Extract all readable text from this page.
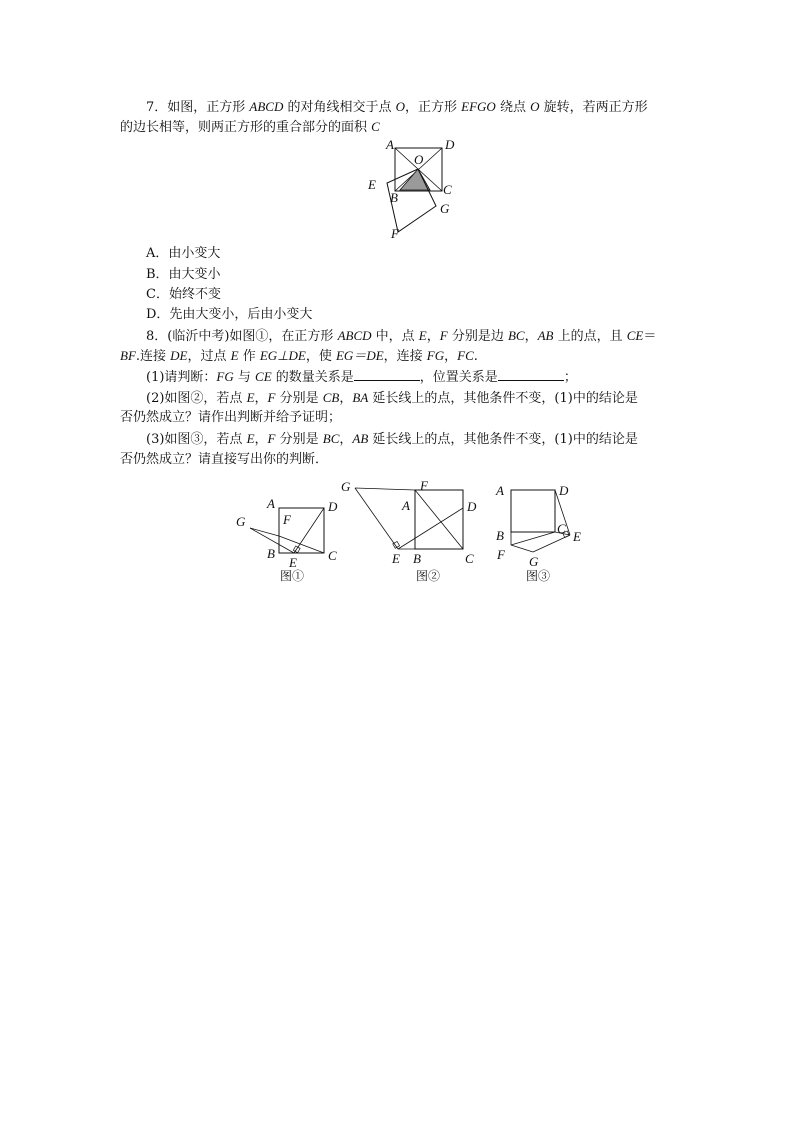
7．如图，正方形 ABCD 的对角线相交于点 O，正方形 EFGO 绕点 O 旋转，若两正方形
的边长相等，则两正方形的重合部分的面积 C
A	D
O
E
B
C
G
F
A．由小变大
B．由大变小
C．始终不变
D．先由大变小，后由小变大
8．(临沂中考)如图①，在正方形 ABCD 中，点 E，F 分别是边 BC，AB 上的点，且 CE＝
BF.连接 DE，过点 E 作 EG⊥DE，使 EG＝DE，连接 FG，FC.
(1)请判断：FG 与 CE 的数量关系是	，位置关系是	；
(2)如图②，若点 E，F 分别是 CB，BA 延长线上的点，其他条件不变，(1)中的结论是
否仍然成立？请作出判断并给予证明；
(3)如图③，若点 E，F 分别是 BC，AB 延长线上的点，其他条件不变，(1)中的结论是
否仍然成立？请直接写出你的判断．
A	D
G	F
B
E C
图①
G	F
A	D
E B	C
图②
A	D
C
E
B
F G
图③
